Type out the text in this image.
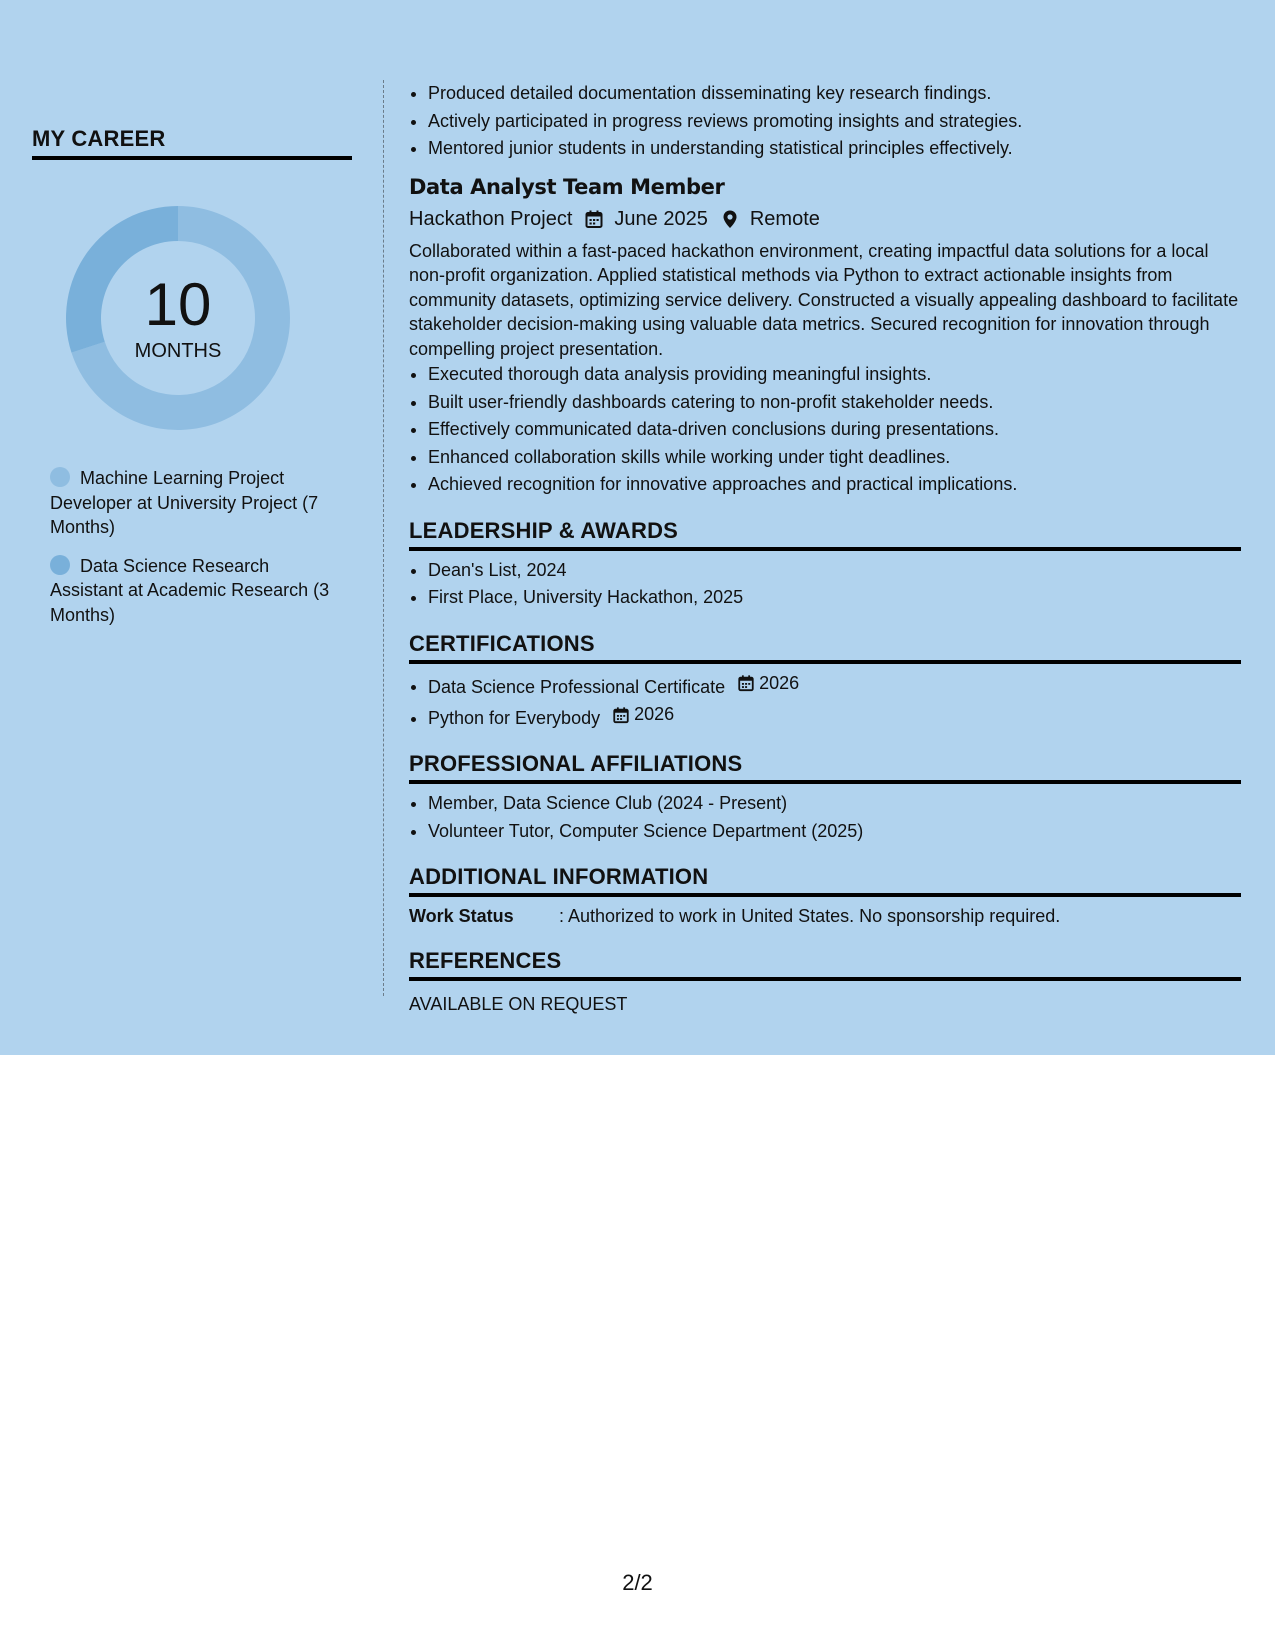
MY CAREER
10
MONTHS
Machine Learning Project Developer at University Project (7 Months)
Data Science Research Assistant at Academic Research (3 Months)
• Produced detailed documentation disseminating key research findings.
• Actively participated in progress reviews promoting insights and strategies.
• Mentored junior students in understanding statistical principles effectively.
Data Analyst Team Member
Hackathon Project June 2025 Remote
Collaborated within a fast-paced hackathon environment, creating impactful data solutions for a local non-profit organization. Applied statistical methods via Python to extract actionable insights from community datasets, optimizing service delivery. Constructed a visually appealing dashboard to facilitate stakeholder decision-making using valuable data metrics. Secured recognition for innovation through compelling project presentation.
• Executed thorough data analysis providing meaningful insights.
• Built user-friendly dashboards catering to non-profit stakeholder needs.
• Effectively communicated data-driven conclusions during presentations.
• Enhanced collaboration skills while working under tight deadlines.
• Achieved recognition for innovative approaches and practical implications.
LEADERSHIP & AWARDS
• Dean's List, 2024
• First Place, University Hackathon, 2025
CERTIFICATIONS
• Data Science Professional Certificate 2026
• Python for Everybody 2026
PROFESSIONAL AFFILIATIONS
• Member, Data Science Club (2024 - Present)
• Volunteer Tutor, Computer Science Department (2025)
ADDITIONAL INFORMATION
Work Status	: Authorized to work in United States. No sponsorship required.
REFERENCES
AVAILABLE ON REQUEST
2/2
